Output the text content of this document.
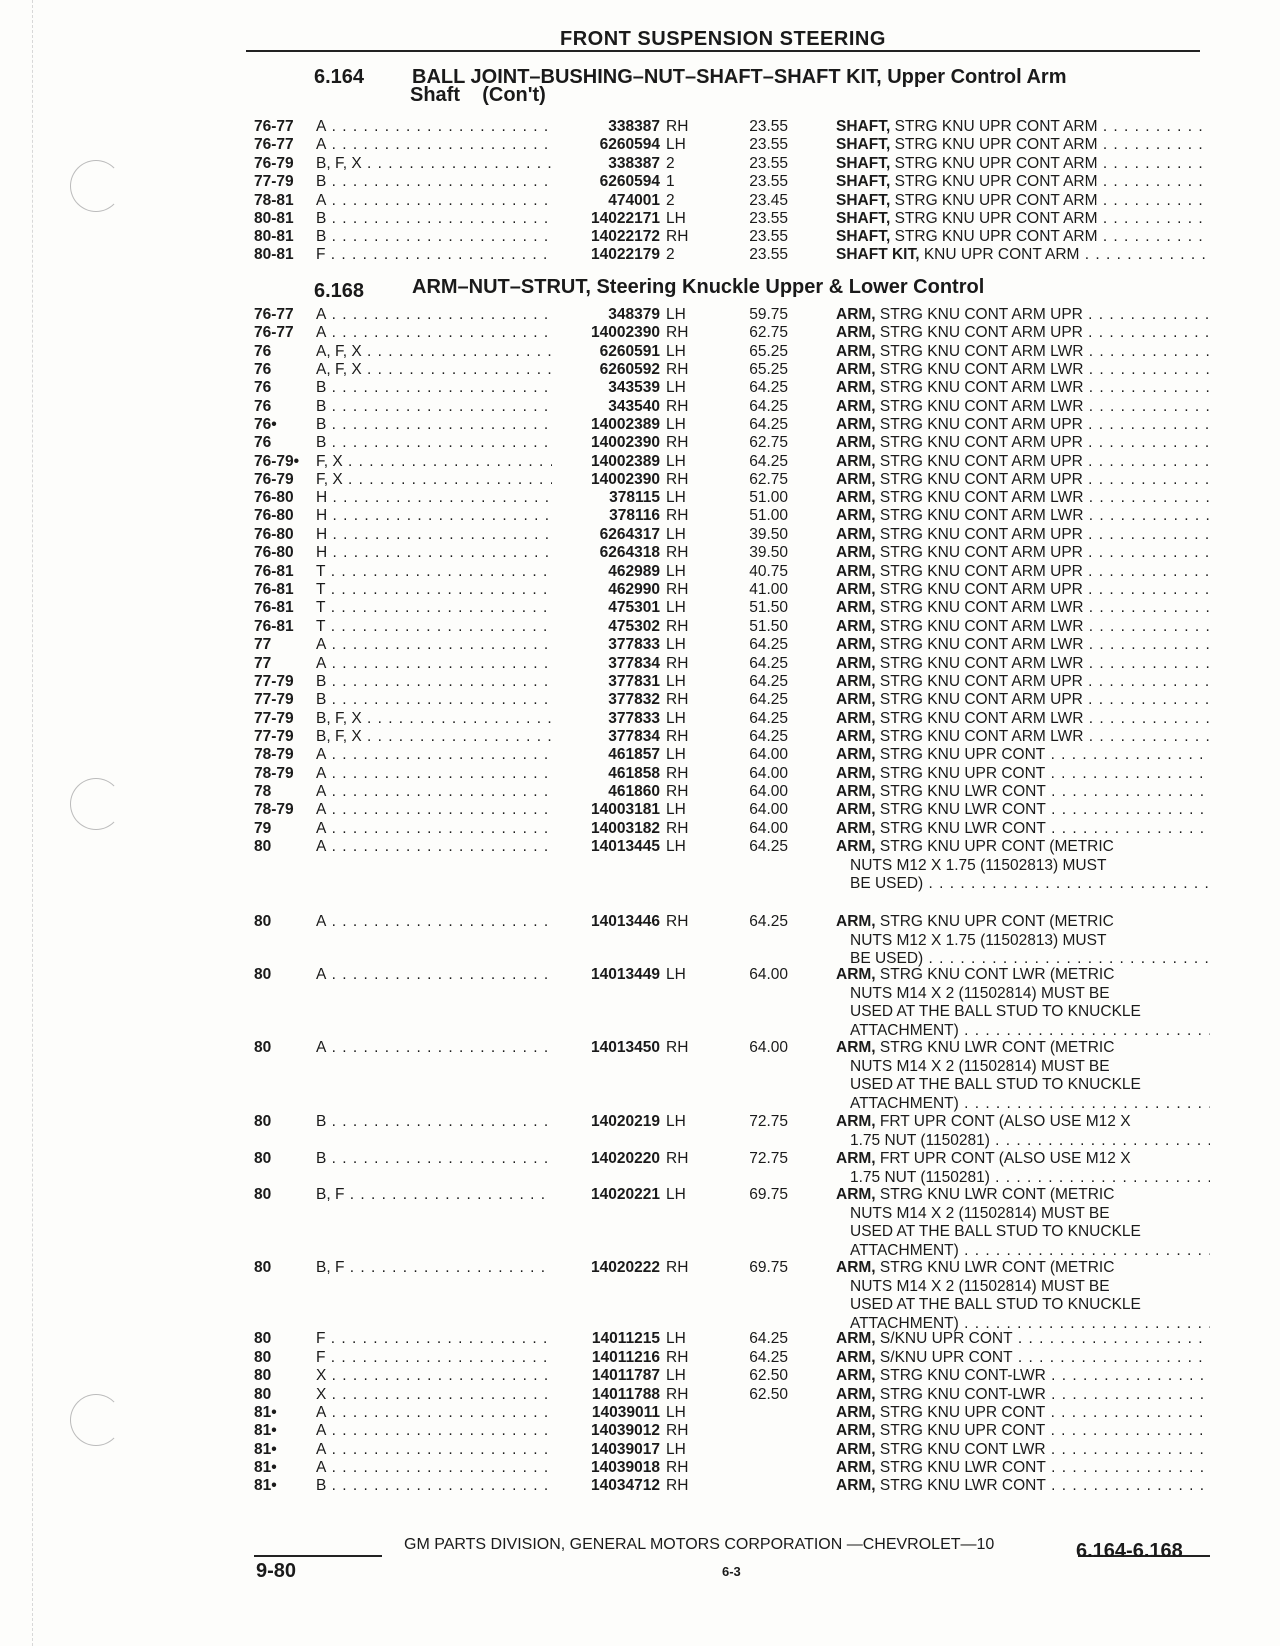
FRONT SUSPENSION STEERING
6.164 BALL JOINT–BUSHING–NUT–SHAFT–SHAFT KIT, Upper Control Arm
Shaft    (Con't)
6.168 ARM–NUT–STRUT, Steering Knuckle Upper & Lower Control
76-77 A . . .	338387 RH	23.55	SHAFT, STRG KNU UPR CONT ARM . . .
76-77 A . . .	6260594 LH	23.55	SHAFT, STRG KNU UPR CONT ARM . . .
76-79 B, F, X . . .	338387 2	23.55	SHAFT, STRG KNU UPR CONT ARM . . .
77-79 B . . .	6260594 1	23.55	SHAFT, STRG KNU UPR CONT ARM . . .
78-81 A . . .	474001 2	23.45	SHAFT, STRG KNU UPR CONT ARM . . .
80-81 B . . .	14022171 LH	23.55	SHAFT, STRG KNU UPR CONT ARM . . .
80-81 B . . .	14022172 RH	23.55	SHAFT, STRG KNU UPR CONT ARM . . .
80-81 F . . .	14022179 2	23.55	SHAFT KIT, KNU UPR CONT ARM . . .
76-77 A . . .	348379 LH	59.75	ARM, STRG KNU CONT ARM UPR . . .
76-77 A . . .	14002390 RH	62.75	ARM, STRG KNU CONT ARM UPR . . .
76	A, F, X . . .	6260591 LH	65.25	ARM, STRG KNU CONT ARM LWR . . .
76	A, F, X . . .	6260592 RH	65.25	ARM, STRG KNU CONT ARM LWR . . .
76	B . . .	343539 LH	64.25	ARM, STRG KNU CONT ARM LWR . . .
76	B . . .	343540 RH	64.25	ARM, STRG KNU CONT ARM LWR . . .
76•	B . . .	14002389 LH	64.25	ARM, STRG KNU CONT ARM UPR . . .
76	B . . .	14002390 RH	62.75	ARM, STRG KNU CONT ARM UPR . . .
76-79• F, X . . .	14002389 LH	64.25	ARM, STRG KNU CONT ARM UPR . . .
76-79 F, X . . .	14002390 RH	62.75	ARM, STRG KNU CONT ARM UPR . . .
76-80 H . . .	378115 LH	51.00	ARM, STRG KNU CONT ARM LWR . . .
76-80 H . . .	378116 RH	51.00	ARM, STRG KNU CONT ARM LWR . . .
76-80 H . . .	6264317 LH	39.50	ARM, STRG KNU CONT ARM UPR . . .
76-80 H . . .	6264318 RH	39.50	ARM, STRG KNU CONT ARM UPR . . .
76-81 T . . .	462989 LH	40.75	ARM, STRG KNU CONT ARM UPR . . .
76-81 T . . .	462990 RH	41.00	ARM, STRG KNU CONT ARM UPR . . .
76-81 T . . .	475301 LH	51.50	ARM, STRG KNU CONT ARM LWR . . .
76-81 T . . .	475302 RH	51.50	ARM, STRG KNU CONT ARM LWR . . .
77	A . . .	377833 LH	64.25	ARM, STRG KNU CONT ARM LWR . . .
77	A . . .	377834 RH	64.25	ARM, STRG KNU CONT ARM LWR . . .
77-79 B . . .	377831 LH	64.25	ARM, STRG KNU CONT ARM UPR . . .
77-79 B . . .	377832 RH	64.25	ARM, STRG KNU CONT ARM UPR . . .
77-79 B, F, X . . .	377833 LH	64.25	ARM, STRG KNU CONT ARM LWR . . .
77-79 B, F, X . . .	377834 RH	64.25	ARM, STRG KNU CONT ARM LWR . . .
78-79 A . . .	461857 LH	64.00	ARM, STRG KNU UPR CONT . . .
78-79 A . . .	461858 RH	64.00	ARM, STRG KNU UPR CONT . . .
78	A . . .	461860 RH	64.00	ARM, STRG KNU LWR CONT . . .
78-79 A . . .	14003181 LH	64.00	ARM, STRG KNU LWR CONT . . .
79	A . . .	14003182 RH	64.00	ARM, STRG KNU LWR CONT . . .
80	A . . .	14013445 LH	64.25	ARM, STRG KNU UPR CONT (METRIC
NUTS M12 X 1.75 (11502813) MUST
BE USED) . . .
80	A . . .	14013446 RH	64.25	ARM, STRG KNU UPR CONT (METRIC
NUTS M12 X 1.75 (11502813) MUST
BE USED) . . .
80	A . . .	14013449 LH	64.00	ARM, STRG KNU CONT LWR (METRIC
NUTS M14 X 2 (11502814) MUST BE
USED AT THE BALL STUD TO KNUCKLE
ATTACHMENT) . . .
80	A . . .	14013450 RH	64.00	ARM, STRG KNU LWR CONT (METRIC
NUTS M14 X 2 (11502814) MUST BE
USED AT THE BALL STUD TO KNUCKLE
ATTACHMENT) . . .
80	B . . .	14020219 LH	72.75	ARM, FRT UPR CONT (ALSO USE M12 X
1.75 NUT (1150281) . . .
80	B . . .	14020220 RH	72.75	ARM, FRT UPR CONT (ALSO USE M12 X
1.75 NUT (1150281) . . .
80	B, F . . .	14020221 LH	69.75	ARM, STRG KNU LWR CONT (METRIC
NUTS M14 X 2 (11502814) MUST BE
USED AT THE BALL STUD TO KNUCKLE
ATTACHMENT) . . .
80	B, F . . .	14020222 RH	69.75	ARM, STRG KNU LWR CONT (METRIC
NUTS M14 X 2 (11502814) MUST BE
USED AT THE BALL STUD TO KNUCKLE
ATTACHMENT) . . .
80	F . . .	14011215 LH	64.25	ARM, S/KNU UPR CONT . . .
80	F . . .	14011216 RH	64.25	ARM, S/KNU UPR CONT . . .
80	X . . .	14011787 LH	62.50	ARM, STRG KNU CONT-LWR . . .
80	X . . .	14011788 RH	62.50	ARM, STRG KNU CONT-LWR . . .
81•	A . . .	14039011 LH	ARM, STRG KNU UPR CONT . . .
81•	A . . .	14039012 RH	ARM, STRG KNU UPR CONT . . .
81•	A . . .	14039017 LH	ARM, STRG KNU CONT LWR . . .
81•	A . . .	14039018 RH	ARM, STRG KNU LWR CONT . . .
81•	B . . .	14034712 RH	ARM, STRG KNU LWR CONT . . .
9-80
GM PARTS DIVISION, GENERAL MOTORS CORPORATION —CHEVROLET—10
6-3
6.164-6.168
